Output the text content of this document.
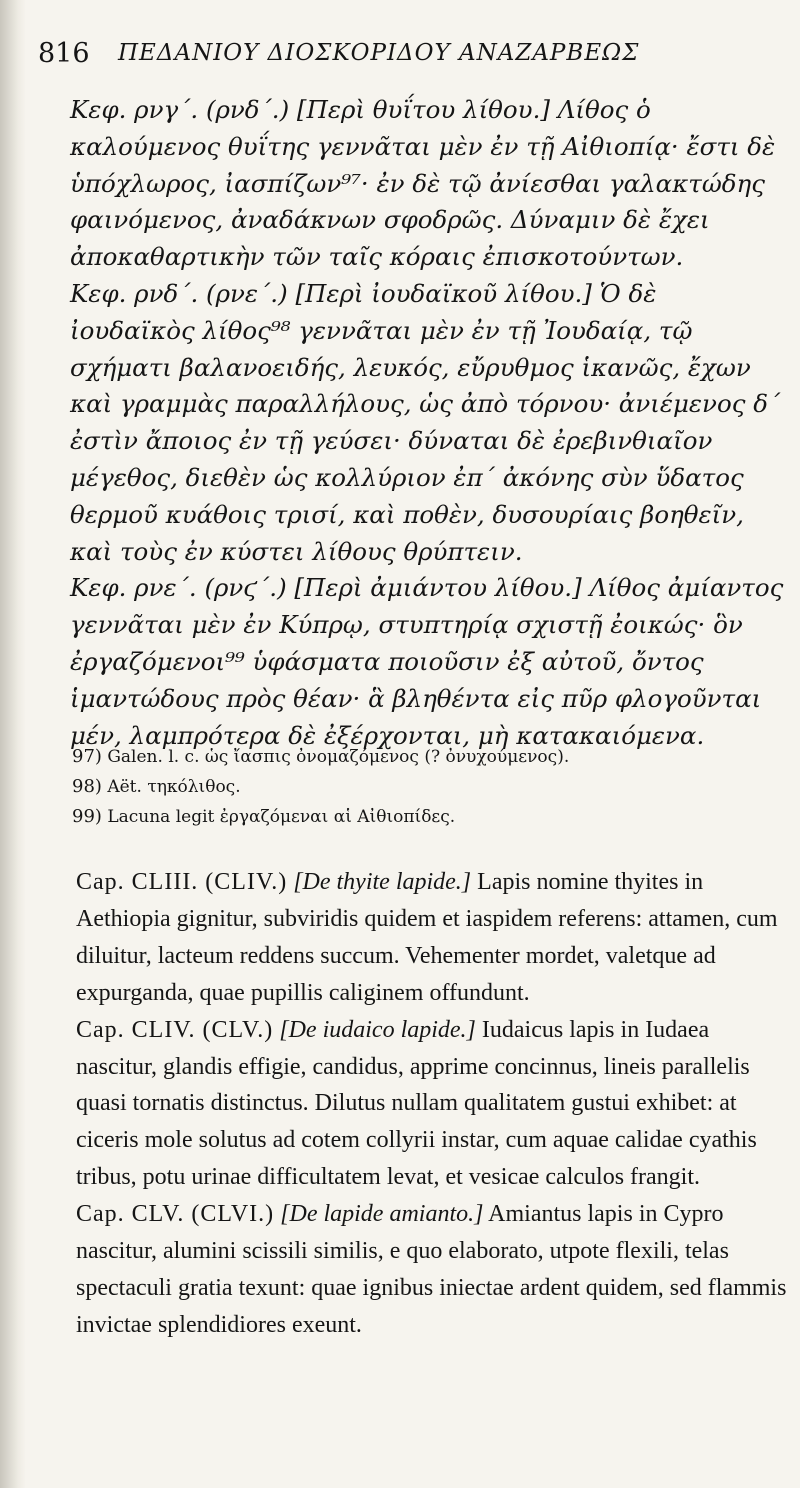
816 ΠΕΔΑΝΙΟΥ ΔΙΟΣΚΟΡΙΔΟΥ ΑΝΑΖΑΡΒΕΩΣ

Κεφ. ρνγ΄. (ρνδ΄.) [Περὶ θυΐτου λίθου.] Λίθος ὁ καλούμενος θυΐτης γεννᾶται μὲν ἐν τῇ Αἰθιοπίᾳ· ἔστι δὲ ὑπόχλωρος, ἰασπίζων⁹⁷· ἐν δὲ τῷ ἀνίεσθαι γαλακτώδης φαινόμενος, ἀναδάκνων σφοδρῶς. Δύναμιν δὲ ἔχει ἀποκαθαρτικὴν τῶν ταῖς κόραις ἐπισκοτούντων.

Κεφ. ρνδ΄. (ρνε΄.) [Περὶ ἰουδαϊκοῦ λίθου.] Ὁ δὲ ἰουδαϊκὸς λίθος⁹⁸ γεννᾶται μὲν ἐν τῇ Ἰουδαίᾳ, τῷ σχήματι βαλανοειδής, λευκός, εὔρυθμος ἱκανῶς, ἔχων καὶ γραμμὰς παραλλήλους, ὡς ἀπὸ τόρνου· ἀνιέμενος δ΄ ἐστὶν ἄποιος ἐν τῇ γεύσει· δύναται δὲ ἐρεβινθιαῖον μέγεθος, διεθὲν ὡς κολλύριον ἐπ΄ ἀκόνης σὺν ὕδατος θερμοῦ κυάθοις τρισί, καὶ ποθὲν, δυσουρίαις βοηθεῖν, καὶ τοὺς ἐν κύστει λίθους θρύπτειν.

Κεφ. ρνε΄. (ρνϛ΄.) [Περὶ ἀμιάντου λίθου.] Λίθος ἀμίαντος γεννᾶται μὲν ἐν Κύπρῳ, στυπτηρίᾳ σχιστῇ ἐοικώς· ὃν ἐργαζόμενοι⁹⁹ ὑφάσματα ποιοῦσιν ἐξ αὐτοῦ, ὄντος ἱμαντώδους πρὸς θέαν· ἃ βληθέντα εἰς πῦρ φλογοῦνται μέν, λαμπρότερα δὲ ἐξέρχονται, μὴ κατακαιόμενα.

97) Galen. l. c. ὡς ἴασπις ὀνομαζόμενος (? ὀνυχούμενος).
98) Aët. τηκόλιθος.
99) Lacuna legit ἐργαζόμεναι αἱ Αἰθιοπίδες.

Cap. CLIII. (CLIV.) [De thyite lapide.] Lapis nomine thyites in Aethiopia gignitur, subviridis quidem et iaspidem referens: attamen, cum diluitur, lacteum reddens succum. Vehementer mordet, valetque ad expurganda, quae pupillis caliginem offundunt.

Cap. CLIV. (CLV.) [De iudaico lapide.] Iudaicus lapis in Iudaea nascitur, glandis effigie, candidus, apprime concinnus, lineis parallelis quasi tornatis distinctus. Dilutus nullam qualitatem gustui exhibet: at ciceris mole solutus ad cotem collyrii instar, cum aquae calidae cyathis tribus, potu urinae difficultatem levat, et vesicae calculos frangit.

Cap. CLV. (CLVI.) [De lapide amianto.] Amiantus lapis in Cypro nascitur, alumini scissili similis, e quo elaborato, utpote flexili, telas spectaculi gratia texunt: quae ignibus iniectae ardent quidem, sed flammis invictae splendidiores exeunt.
